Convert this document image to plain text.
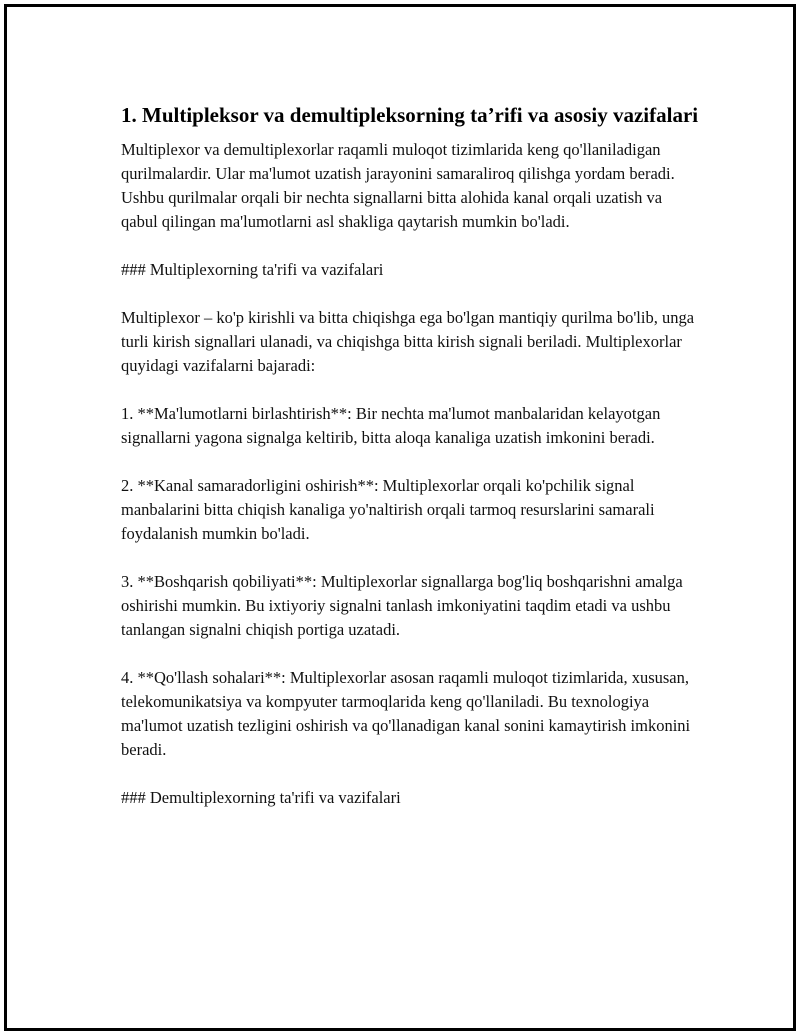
1. Multipleksor va demultipleksorning ta’rifi va asosiy vazifalari

Multiplexor va demultiplexorlar raqamli muloqot tizimlarida keng qo'llaniladigan qurilmalardir. Ular ma'lumot uzatish jarayonini samaraliroq qilishga yordam beradi. Ushbu qurilmalar orqali bir nechta signallarni bitta alohida kanal orqali uzatish va qabul qilingan ma'lumotlarni asl shakliga qaytarish mumkin bo'ladi.

### Multiplexorning ta'rifi va vazifalari

Multiplexor – ko'p kirishli va bitta chiqishga ega bo'lgan mantiqiy qurilma bo'lib, unga turli kirish signallari ulanadi, va chiqishga bitta kirish signali beriladi. Multiplexorlar quyidagi vazifalarni bajaradi:

1. **Ma'lumotlarni birlashtirish**: Bir nechta ma'lumot manbalaridan kelayotgan signallarni yagona signalga keltirib, bitta aloqa kanaliga uzatish imkonini beradi.

2. **Kanal samaradorligini oshirish**: Multiplexorlar orqali ko'pchilik signal manbalarini bitta chiqish kanaliga yo'naltirish orqali tarmoq resurslarini samarali foydalanish mumkin bo'ladi.

3. **Boshqarish qobiliyati**: Multiplexorlar signallarga bog'liq boshqarishni amalga oshirishi mumkin. Bu ixtiyoriy signalni tanlash imkoniyatini taqdim etadi va ushbu tanlangan signalni chiqish portiga uzatadi.

4. **Qo'llash sohalari**: Multiplexorlar asosan raqamli muloqot tizimlarida, xususan, telekomunikatsiya va kompyuter tarmoqlarida keng qo'llaniladi. Bu texnologiya ma'lumot uzatish tezligini oshirish va qo'llanadigan kanal sonini kamaytirish imkonini beradi.

### Demultiplexorning ta'rifi va vazifalari
